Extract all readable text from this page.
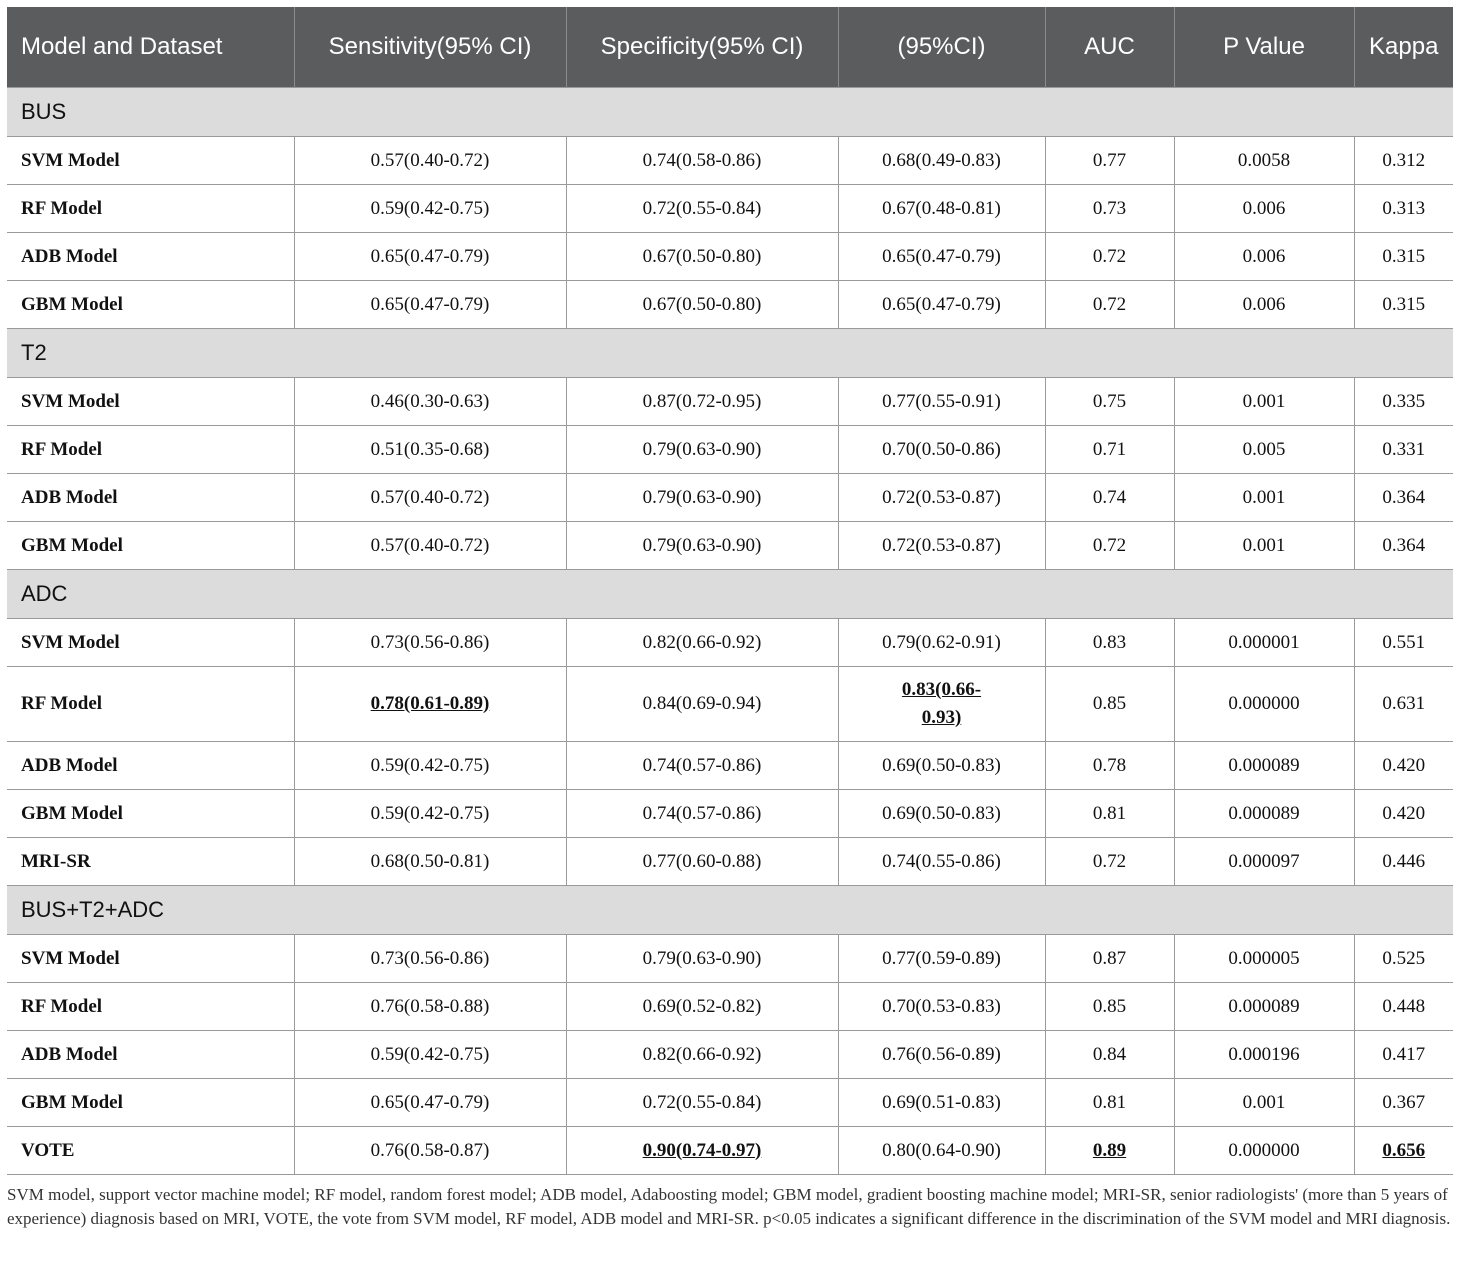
Model and Dataset	Sensitivity(95% CI)	Specificity(95% CI)	(95%CI)	AUC	P Value	Kappa
BUS						
SVM Model	0.57(0.40-0.72)	0.74(0.58-0.86)	0.68(0.49-0.83)	0.77	0.0058	0.312
RF Model	0.59(0.42-0.75)	0.72(0.55-0.84)	0.67(0.48-0.81)	0.73	0.006	0.313
ADB Model	0.65(0.47-0.79)	0.67(0.50-0.80)	0.65(0.47-0.79)	0.72	0.006	0.315
GBM Model	0.65(0.47-0.79)	0.67(0.50-0.80)	0.65(0.47-0.79)	0.72	0.006	0.315
T2						
SVM Model	0.46(0.30-0.63)	0.87(0.72-0.95)	0.77(0.55-0.91)	0.75	0.001	0.335
RF Model	0.51(0.35-0.68)	0.79(0.63-0.90)	0.70(0.50-0.86)	0.71	0.005	0.331
ADB Model	0.57(0.40-0.72)	0.79(0.63-0.90)	0.72(0.53-0.87)	0.74	0.001	0.364
GBM Model	0.57(0.40-0.72)	0.79(0.63-0.90)	0.72(0.53-0.87)	0.72	0.001	0.364
ADC						
SVM Model	0.73(0.56-0.86)	0.82(0.66-0.92)	0.79(0.62-0.91)	0.83	0.000001	0.551
RF Model	0.78(0.61-0.89)	0.84(0.69-0.94)	0.83(0.66-0.93)	0.85	0.000000	0.631
ADB Model	0.59(0.42-0.75)	0.74(0.57-0.86)	0.69(0.50-0.83)	0.78	0.000089	0.420
GBM Model	0.59(0.42-0.75)	0.74(0.57-0.86)	0.69(0.50-0.83)	0.81	0.000089	0.420
MRI-SR	0.68(0.50-0.81)	0.77(0.60-0.88)	0.74(0.55-0.86)	0.72	0.000097	0.446
BUS+T2+ADC						
SVM Model	0.73(0.56-0.86)	0.79(0.63-0.90)	0.77(0.59-0.89)	0.87	0.000005	0.525
RF Model	0.76(0.58-0.88)	0.69(0.52-0.82)	0.70(0.53-0.83)	0.85	0.000089	0.448
ADB Model	0.59(0.42-0.75)	0.82(0.66-0.92)	0.76(0.56-0.89)	0.84	0.000196	0.417
GBM Model	0.65(0.47-0.79)	0.72(0.55-0.84)	0.69(0.51-0.83)	0.81	0.001	0.367
VOTE	0.76(0.58-0.87)	0.90(0.74-0.97)	0.80(0.64-0.90)	0.89	0.000000	0.656
SVM model, support vector machine model; RF model, random forest model; ADB model, Adaboosting model; GBM model, gradient boosting machine model; MRI-SR, senior radiologists' (more than 5 years of experience) diagnosis based on MRI, VOTE, the vote from SVM model, RF model, ADB model and MRI-SR. p<0.05 indicates a significant difference in the discrimination of the SVM model and MRI diagnosis.
